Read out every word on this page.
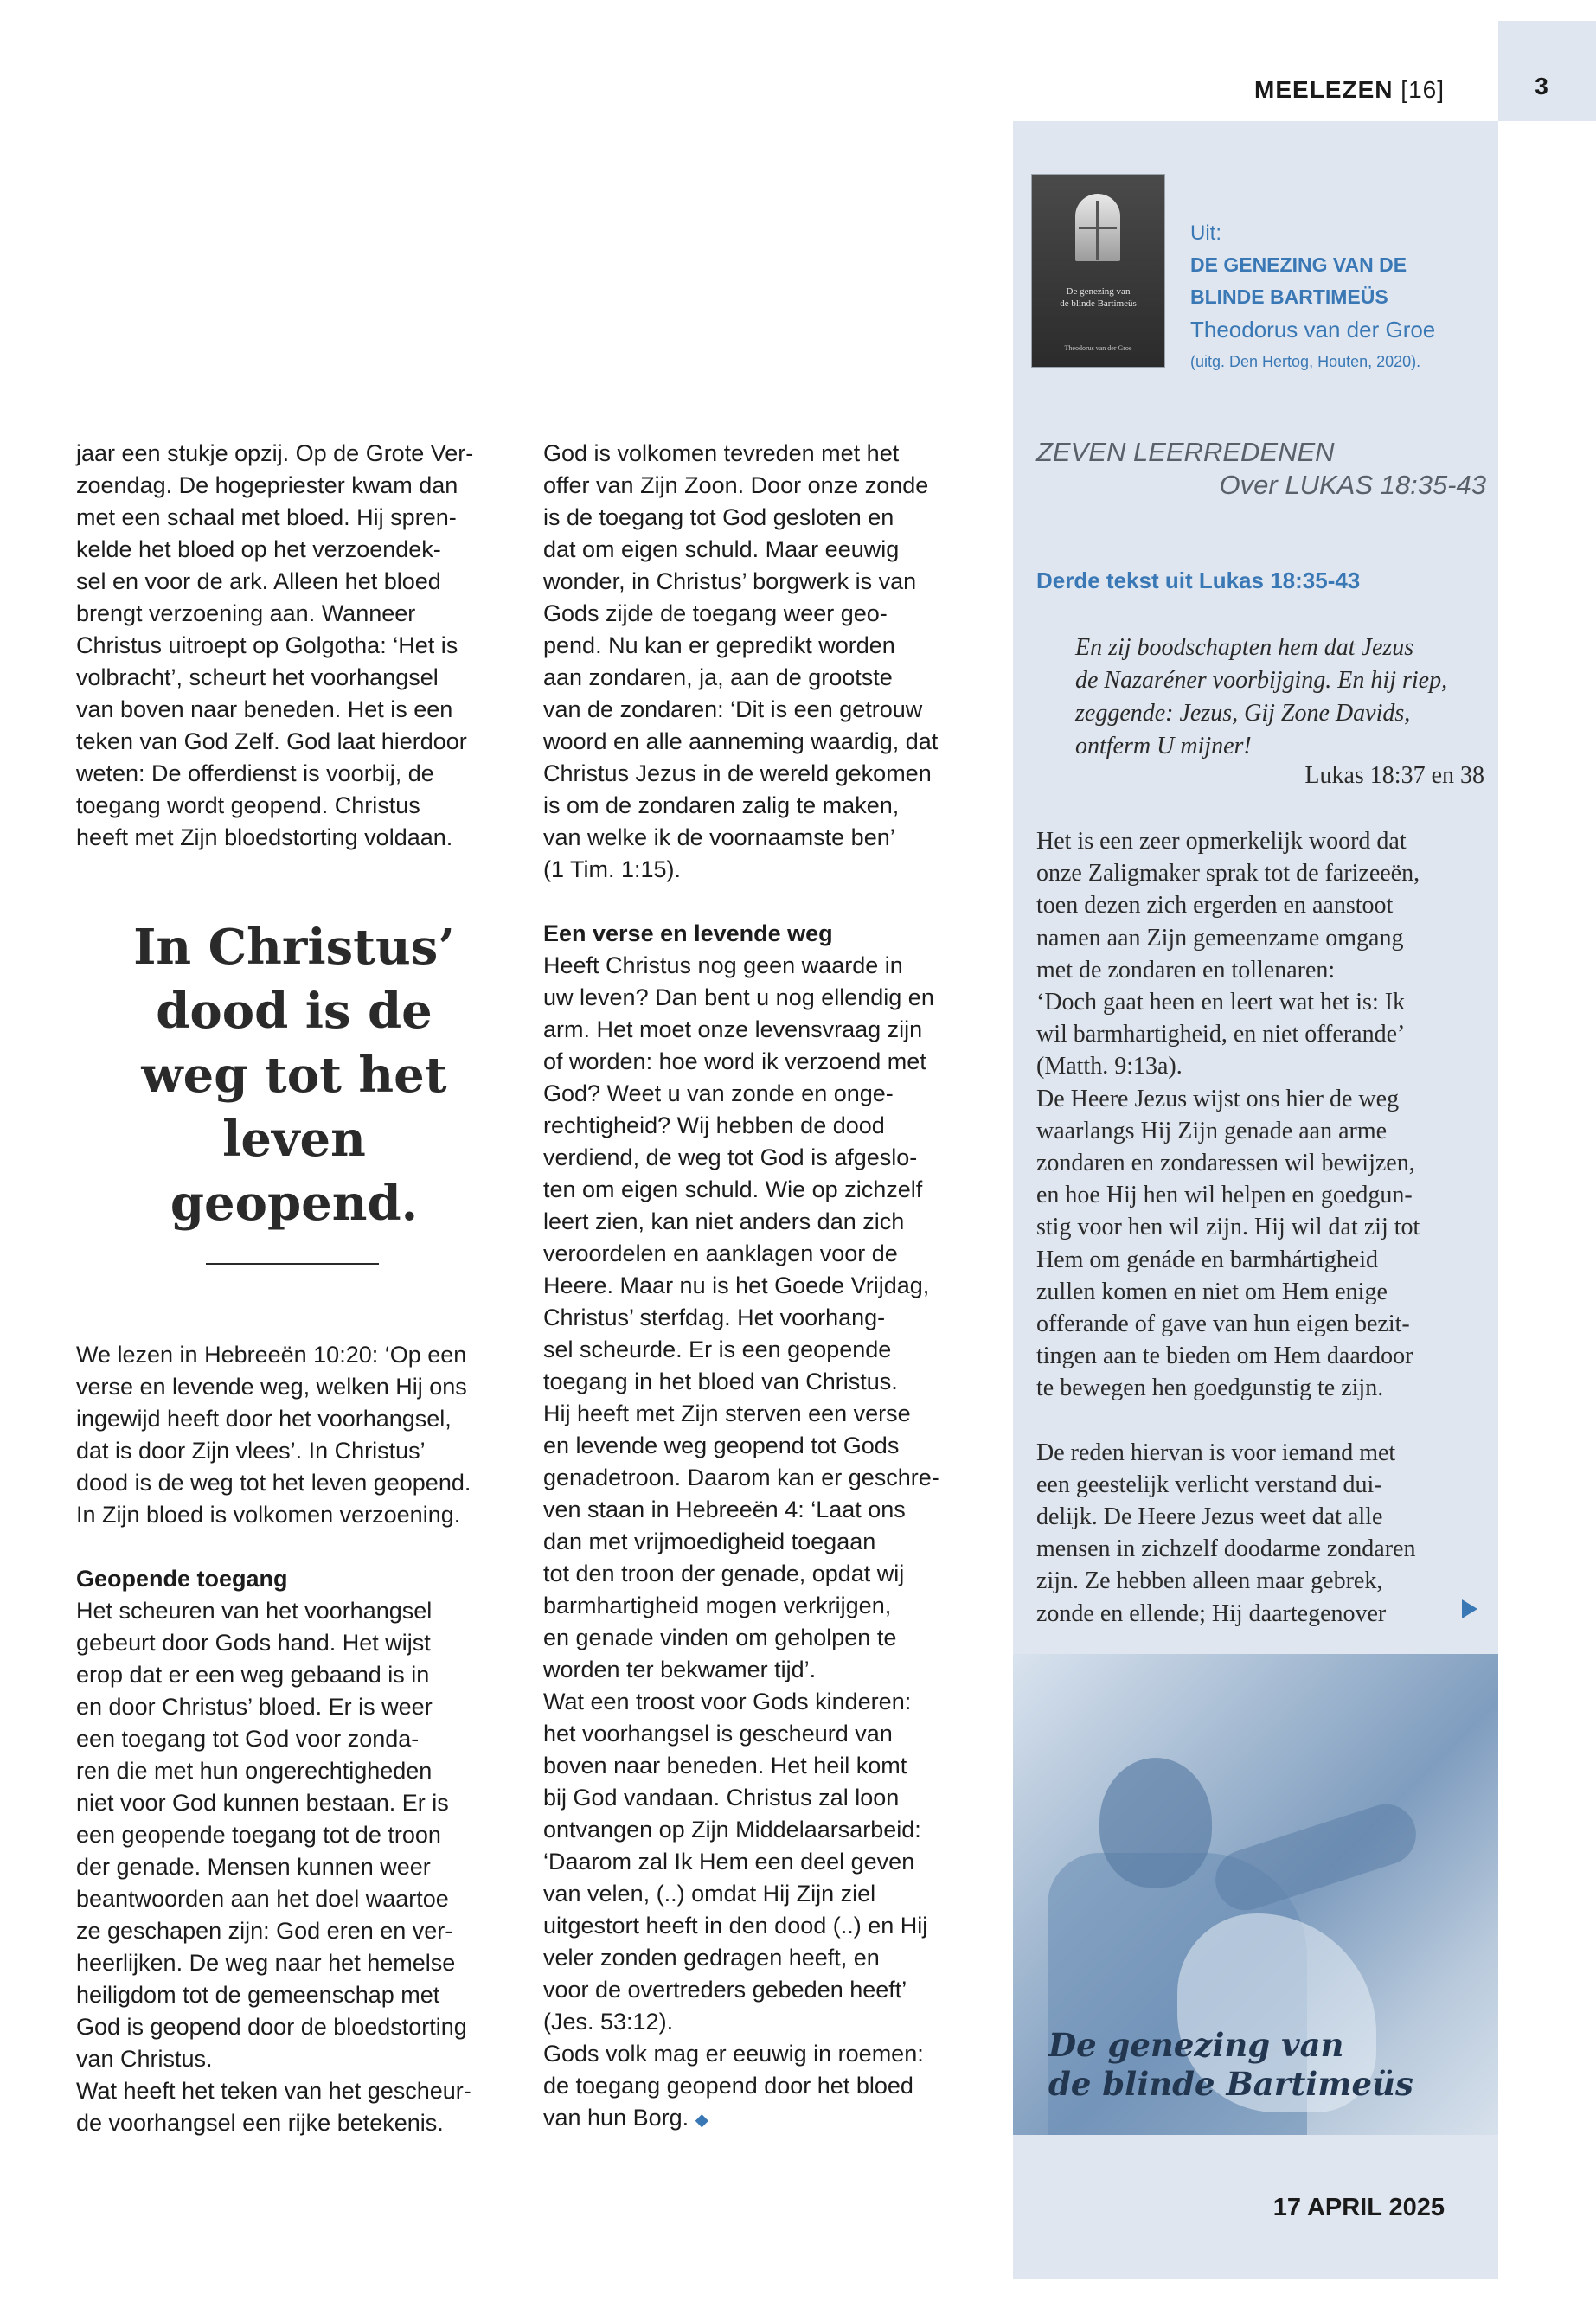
3
MEELEZEN [16]
De genezing van
de blinde Bartimeüs
Theodorus van der Groe
Uit:
DE GENEZING VAN DE
BLINDE BARTIMEÜS
Theodorus van der Groe
(uitg. Den Hertog, Houten, 2020).
jaar een stukje opzij. Op de Grote Ver-
zoendag. De hogepriester kwam dan
met een schaal met bloed. Hij spren-
kelde het bloed op het verzoendek-
sel en voor de ark. Alleen het bloed
brengt verzoening aan. Wanneer
Christus uitroept op Golgotha: ‘Het is
volbracht’, scheurt het voorhangsel
van boven naar beneden. Het is een
teken van God Zelf. God laat hierdoor
weten: De offerdienst is voorbij, de
toegang wordt geopend. Christus
heeft met Zijn bloedstorting voldaan.
In Christus’
dood is de
weg tot het
leven
geopend.
We lezen in Hebreeën 10:20: ‘Op een
verse en levende weg, welken Hij ons
ingewijd heeft door het voorhangsel,
dat is door Zijn vlees’. In Christus’
dood is de weg tot het leven geopend.
In Zijn bloed is volkomen verzoening.
Geopende toegang
Het scheuren van het voorhangsel
gebeurt door Gods hand. Het wijst
erop dat er een weg gebaand is in
en door Christus’ bloed. Er is weer
een toegang tot God voor zonda-
ren die met hun ongerechtigheden
niet voor God kunnen bestaan. Er is
een geopende toegang tot de troon
der genade. Mensen kunnen weer
beantwoorden aan het doel waartoe
ze geschapen zijn: God eren en ver-
heerlijken. De weg naar het hemelse
heiligdom tot de gemeenschap met
God is geopend door de bloedstorting
van Christus.
Wat heeft het teken van het gescheur-
de voorhangsel een rijke betekenis.
God is volkomen tevreden met het
offer van Zijn Zoon. Door onze zonde
is de toegang tot God gesloten en
dat om eigen schuld. Maar eeuwig
wonder, in Christus’ borgwerk is van
Gods zijde de toegang weer geo-
pend. Nu kan er gepredikt worden
aan zondaren, ja, aan de grootste
van de zondaren: ‘Dit is een getrouw
woord en alle aanneming waardig, dat
Christus Jezus in de wereld gekomen
is om de zondaren zalig te maken,
van welke ik de voornaamste ben’
(1 Tim. 1:15).
Een verse en levende weg
Heeft Christus nog geen waarde in
uw leven? Dan bent u nog ellendig en
arm. Het moet onze levensvraag zijn
of worden: hoe word ik verzoend met
God? Weet u van zonde en onge-
rechtigheid? Wij hebben de dood
verdiend, de weg tot God is afgeslo-
ten om eigen schuld. Wie op zichzelf
leert zien, kan niet anders dan zich
veroordelen en aanklagen voor de
Heere. Maar nu is het Goede Vrijdag,
Christus’ sterfdag. Het voorhang-
sel scheurde. Er is een geopende
toegang in het bloed van Christus.
Hij heeft met Zijn sterven een verse
en levende weg geopend tot Gods
genadetroon. Daarom kan er geschre-
ven staan in Hebreeën 4: ‘Laat ons
dan met vrijmoedigheid toegaan
tot den troon der genade, opdat wij
barmhartigheid mogen verkrijgen,
en genade vinden om geholpen te
worden ter bekwamer tijd’.
Wat een troost voor Gods kinderen:
het voorhangsel is gescheurd van
boven naar beneden. Het heil komt
bij God vandaan. Christus zal loon
ontvangen op Zijn Middelaarsarbeid:
‘Daarom zal Ik Hem een deel geven
van velen, (..) omdat Hij Zijn ziel
uitgestort heeft in den dood (..) en Hij
veler zonden gedragen heeft, en
voor de overtreders gebeden heeft’
(Jes. 53:12).
Gods volk mag er eeuwig in roemen:
de toegang geopend door het bloed
van hun Borg. ◆
ZEVEN LEERREDENEN
Over LUKAS 18:35-43
Derde tekst uit Lukas 18:35-43
En zij boodschapten hem dat Jezus
de Nazaréner voorbijging. En hij riep,
zeggende: Jezus, Gij Zone Davids,
ontferm U mijner!
Lukas 18:37 en 38
Het is een zeer opmerkelijk woord dat
onze Zaligmaker sprak tot de farizeeën,
toen dezen zich ergerden en aanstoot
namen aan Zijn gemeenzame omgang
met de zondaren en tollenaren:
‘Doch gaat heen en leert wat het is: Ik
wil barmhartigheid, en niet offerande’
(Matth. 9:13a).
De Heere Jezus wijst ons hier de weg
waarlangs Hij Zijn genade aan arme
zondaren en zondaressen wil bewijzen,
en hoe Hij hen wil helpen en goedgun-
stig voor hen wil zijn. Hij wil dat zij tot
Hem om genáde en barmhártigheid
zullen komen en niet om Hem enige
offerande of gave van hun eigen bezit-
tingen aan te bieden om Hem daardoor
te bewegen hen goedgunstig te zijn.
De reden hiervan is voor iemand met
een geestelijk verlicht verstand dui-
delijk. De Heere Jezus weet dat alle
mensen in zichzelf doodarme zondaren
zijn. Ze hebben alleen maar gebrek,
zonde en ellende; Hij daartegenover
De genezing van
de blinde Bartimeüs
17 APRIL 2025
